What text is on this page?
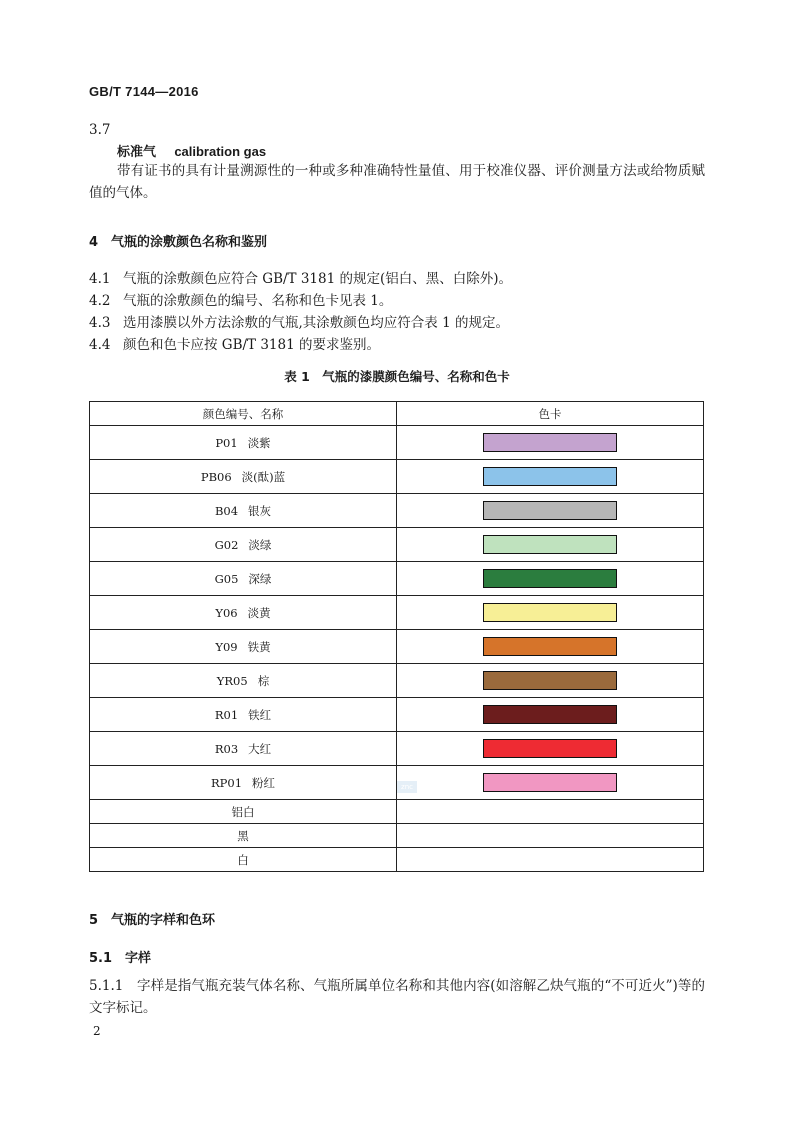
GB/T 7144—2016
3.7
标准气 calibration gas
带有证书的具有计量溯源性的一种或多种准确特性量值、用于校准仪器、评价测量方法或给物质赋值的气体。
4　气瓶的涂敷颜色名称和鉴别
4.1 气瓶的涂敷颜色应符合 GB/T 3181 的规定(铝白、黑、白除外)。
4.2 气瓶的涂敷颜色的编号、名称和色卡见表 1。
4.3 选用漆膜以外方法涂敷的气瓶,其涂敷颜色均应符合表 1 的规定。
4.4 颜色和色卡应按 GB/T 3181 的要求鉴别。
表 1　气瓶的漆膜颜色编号、名称和色卡
颜色编号、名称	色卡
P01 淡紫	
PB06 淡(酞)蓝	
B04 银灰	
G02 淡绿	
G05 深绿	
Y06 淡黄	
Y09 铁黄	
YR05 棕	
R01 铁红	
R03 大红	
RP01 粉红	
铝白	
黑	
白	
znc
5　气瓶的字样和色环
5.1　字样
5.1.1　字样是指气瓶充装气体名称、气瓶所属单位名称和其他内容(如溶解乙炔气瓶的“不可近火”)等的文字标记。
2
